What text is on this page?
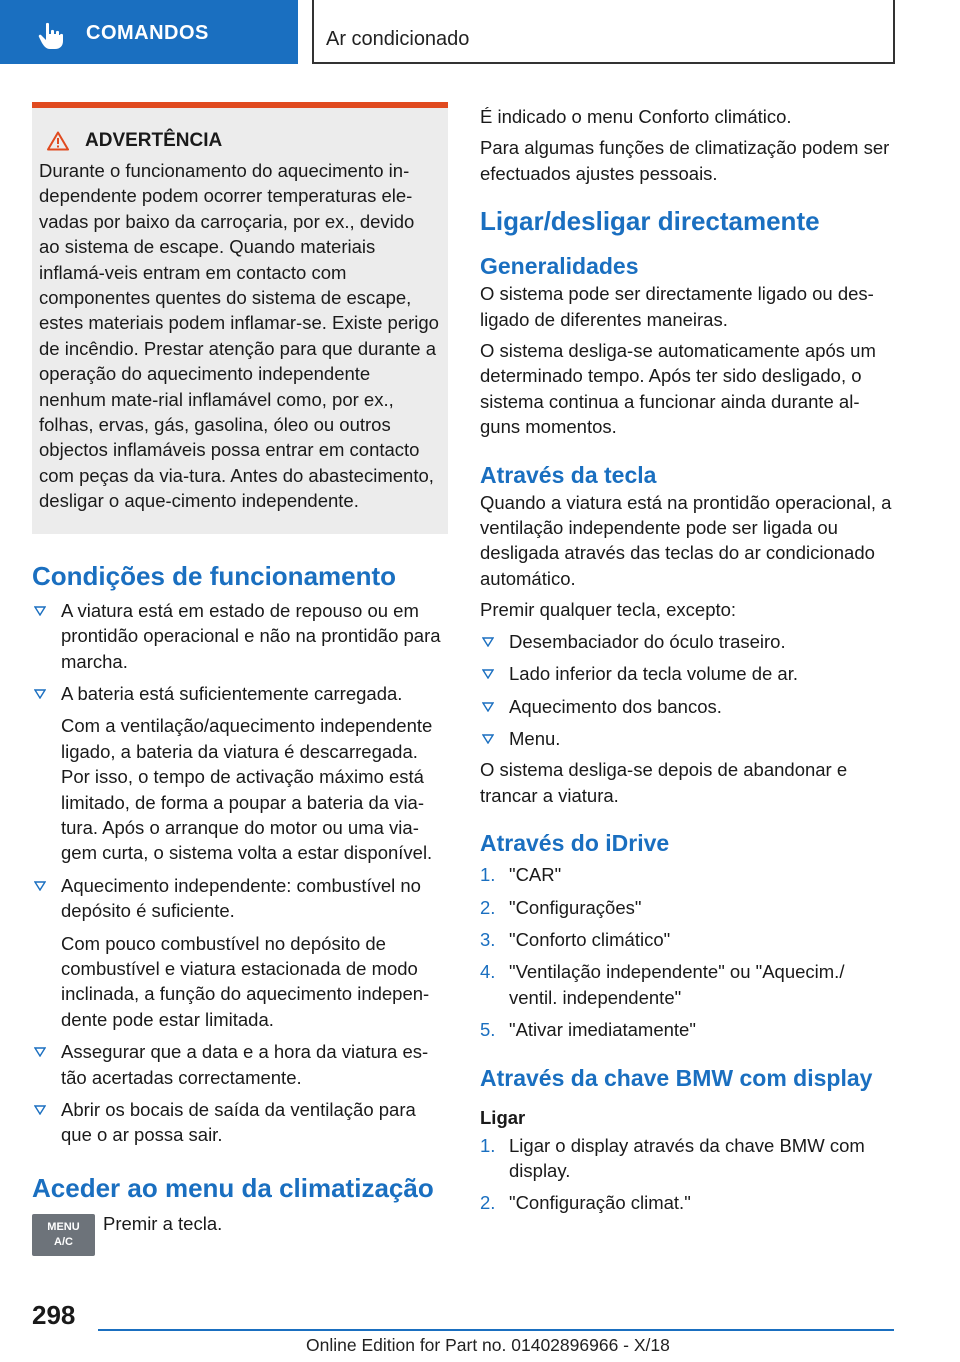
COMANDOS	Ar condicionado
ADVERTÊNCIA
Durante o funcionamento do aquecimento in-dependente podem ocorrer temperaturas ele-vadas por baixo da carroçaria, por ex., devido ao sistema de escape. Quando materiais inflamá-veis entram em contacto com componentes quentes do sistema de escape, estes materiais podem inflamar-se. Existe perigo de incêndio. Prestar atenção para que durante a operação do aquecimento independente nenhum mate-rial inflamável como, por ex., folhas, ervas, gás, gasolina, óleo ou outros objectos inflamáveis possa entrar em contacto com peças da via-tura. Antes do abastecimento, desligar o aque-cimento independente.
Condições de funcionamento
A viatura está em estado de repouso ou em prontidão operacional e não na prontidão para marcha.
A bateria está suficientemente carregada.
Com a ventilação/aquecimento independente ligado, a bateria da viatura é descarregada. Por isso, o tempo de activação máximo está limitado, de forma a poupar a bateria da via-tura. Após o arranque do motor ou uma via-gem curta, o sistema volta a estar disponível.
Aquecimento independente: combustível no depósito é suficiente.
Com pouco combustível no depósito de combustível e viatura estacionada de modo inclinada, a função do aquecimento indepen-dente pode estar limitada.
Assegurar que a data e a hora da viatura es-tão acertadas correctamente.
Abrir os bocais de saída da ventilação para que o ar possa sair.
Aceder ao menu da climatização
MENU
A/C
Premir a tecla.

É indicado o menu Conforto climático.

Para algumas funções de climatização podem ser efectuados ajustes pessoais.

Ligar/desligar directamente
Generalidades

O sistema pode ser directamente ligado ou des-ligado de diferentes maneiras.

O sistema desliga-se automaticamente após um determinado tempo. Após ter sido desligado, o sistema continua a funcionar ainda durante al-guns momentos.

Através da tecla

Quando a viatura está na prontidão operacional, a ventilação independente pode ser ligada ou desligada através das teclas do ar condicionado automático.

Premir qualquer tecla, excepto:

Desembaciador do óculo traseiro.
Lado inferior da tecla volume de ar.
Aquecimento dos bancos.
Menu.

O sistema desliga-se depois de abandonar e trancar a viatura.

Através do iDrive
1. "CAR"
2. "Configurações"
3. "Conforto climático"
4. "Ventilação independente" ou "Aquecim./ ventil. independente"
5. "Ativar imediatamente"
Através da chave BMW com display
Ligar
1. Ligar o display através da chave BMW com display.
2. "Configuração climat."
298
Online Edition for Part no. 01402896966 - X/18
